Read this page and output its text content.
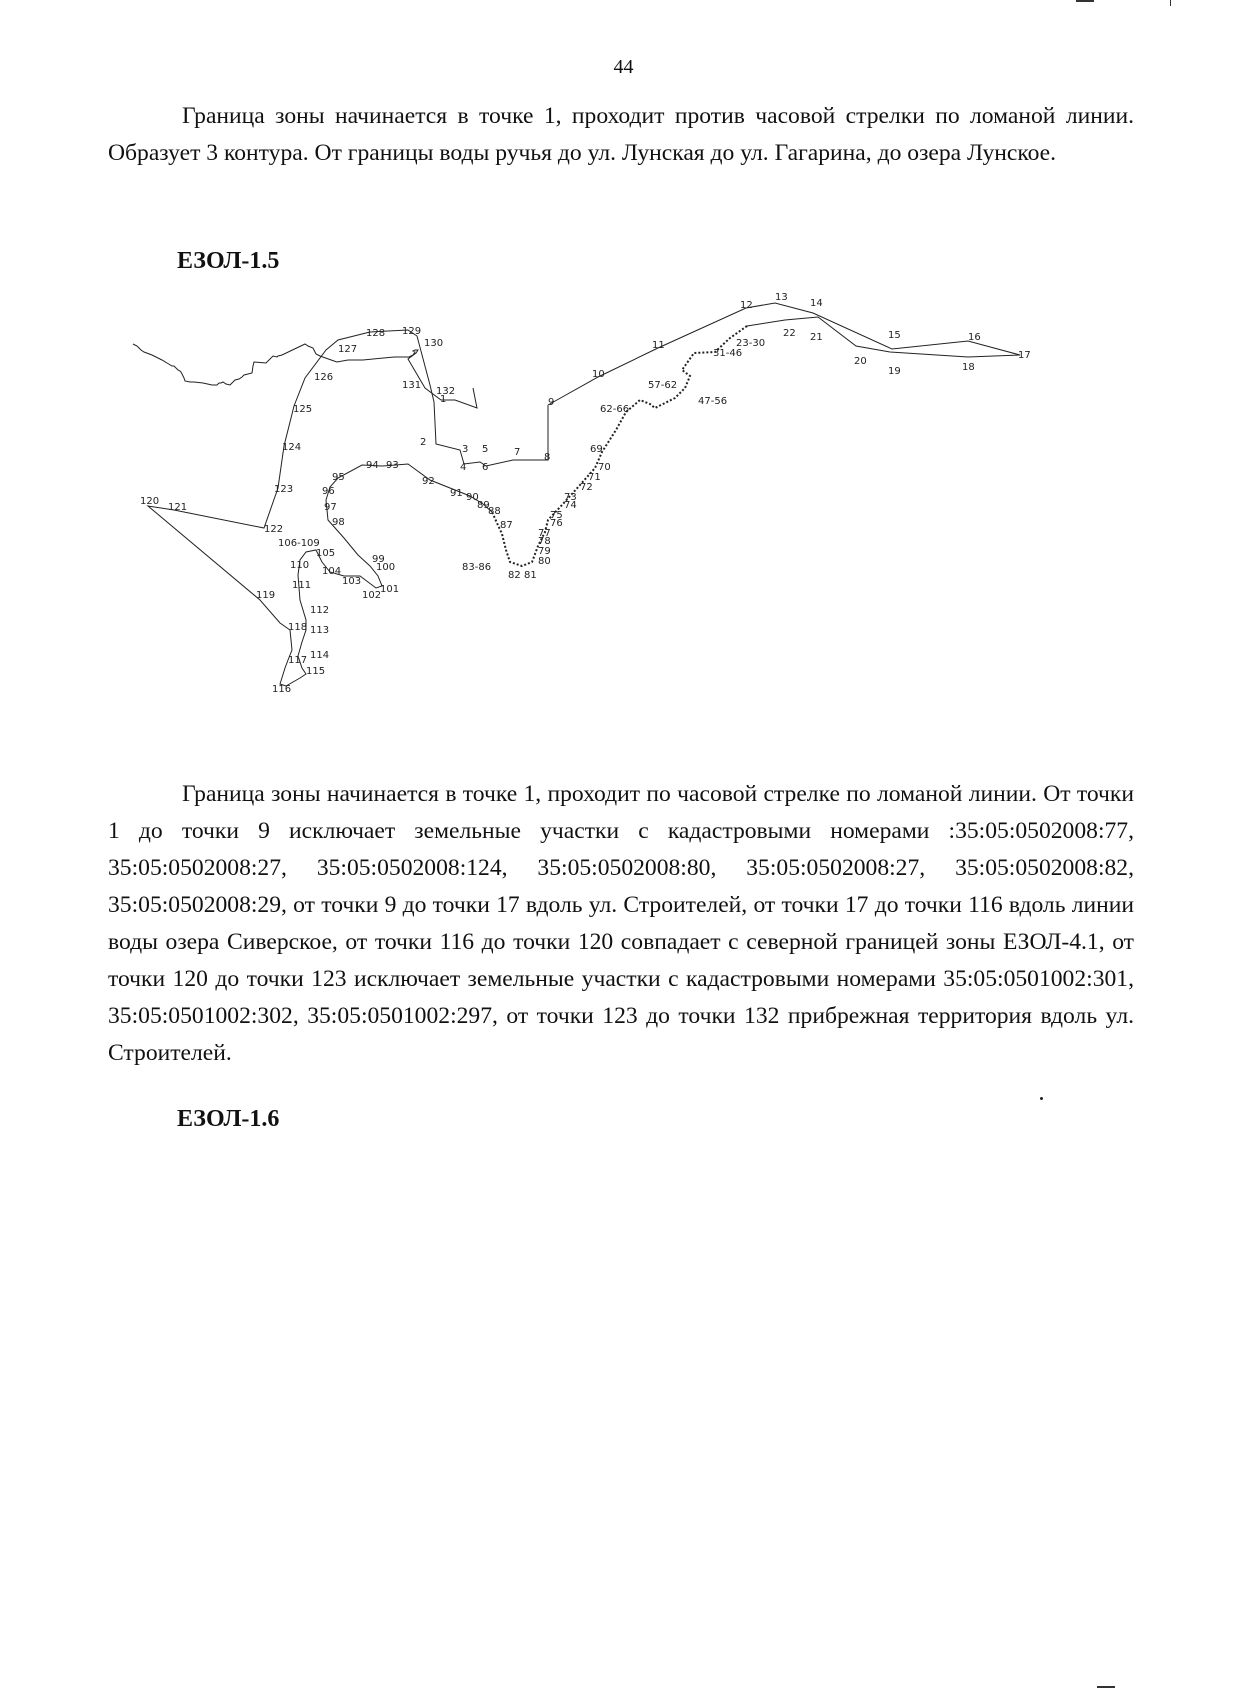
44

Граница зоны начинается в точке 1, проходит против часовой стрелки по ломаной линии. Образует 3 контура. От границы воды ручья до ул. Лунская до ул. Гагарина, до озера Лунское.

ЕЗОЛ-1.5
1
2
3
4
5
6
7 8
9
10
11
12
13
14
15	16
17
18
19
20
21
22
23-30
31-46
47-56
57-62
62-66
69
70
71
72
73
74
75
76
77
78
79
80
81
82
83-86
87
88
89
90
91
92
93
94
95
96
97
98
99
100
101
102
103
104
105
106-109
110
111
112
113
114
115
116
117
118
119
120
121
122
123
124
125
126
127
128 129
130
131
132

Граница зоны начинается в точке 1, проходит по часовой стрелке по ломаной линии. От точки 1 до точки 9 исключает земельные участки с кадастровыми номерами :35:05:0502008:77, 35:05:0502008:27, 35:05:0502008:124, 35:05:0502008:80, 35:05:0502008:27, 35:05:0502008:82, 35:05:0502008:29, от точки 9 до точки 17 вдоль ул. Строителей, от точки 17 до точки 116 вдоль линии воды озера Сиверское, от точки 116 до точки 120 совпадает с северной границей зоны ЕЗОЛ-4.1, от точки 120 до точки 123 исключает земельные участки с кадастровыми номерами 35:05:0501002:301, 35:05:0501002:302, 35:05:0501002:297, от точки 123 до точки 132 прибрежная территория вдоль ул. Строителей.

ЕЗОЛ-1.6
